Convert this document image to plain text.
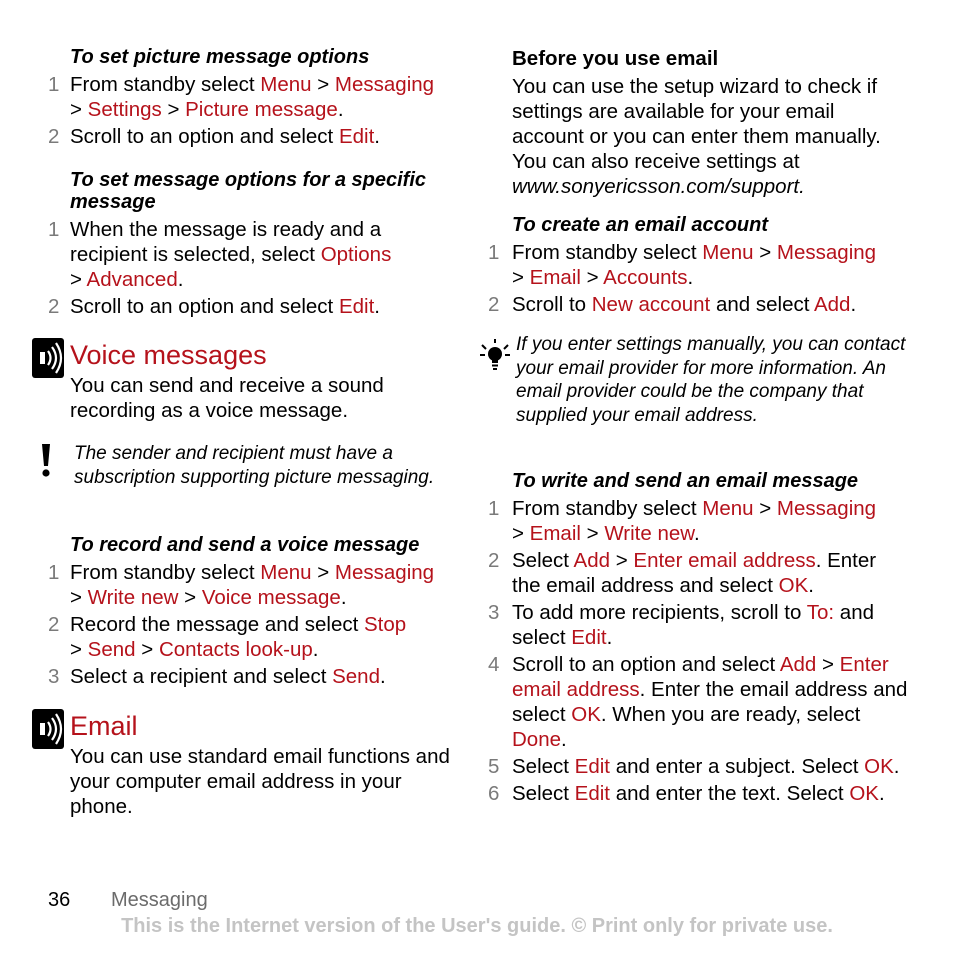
To set picture message options
1 From standby select Menu > Messaging
> Settings > Picture message.
2 Scroll to an option and select Edit.
To set message options for a specific message
1 When the message is ready and a recipient is selected, select Options
> Advanced.
2 Scroll to an option and select Edit.
Voice messages
You can send and receive a sound recording as a voice message.
The sender and recipient must have a subscription supporting picture messaging.
To record and send a voice message
1 From standby select Menu > Messaging
> Write new > Voice message.
2 Record the message and select Stop
> Send > Contacts look-up.
3 Select a recipient and select Send.
Email
You can use standard email functions and your computer email address in your phone.
Before you use email
You can use the setup wizard to check if settings are available for your email account or you can enter them manually. You can also receive settings at www.sonyericsson.com/support.
To create an email account
1 From standby select Menu > Messaging
> Email > Accounts.
2 Scroll to New account and select Add.
If you enter settings manually, you can contact your email provider for more information. An email provider could be the company that supplied your email address.
To write and send an email message
1 From standby select Menu > Messaging
> Email > Write new.
2 Select Add > Enter email address. Enter the email address and select OK.
3 To add more recipients, scroll to To: and select Edit.
4 Scroll to an option and select Add > Enter email address. Enter the email address and select OK. When you are ready, select Done.
5 Select Edit and enter a subject. Select OK.
6 Select Edit and enter the text. Select OK.
36 Messaging
This is the Internet version of the User's guide. © Print only for private use.
